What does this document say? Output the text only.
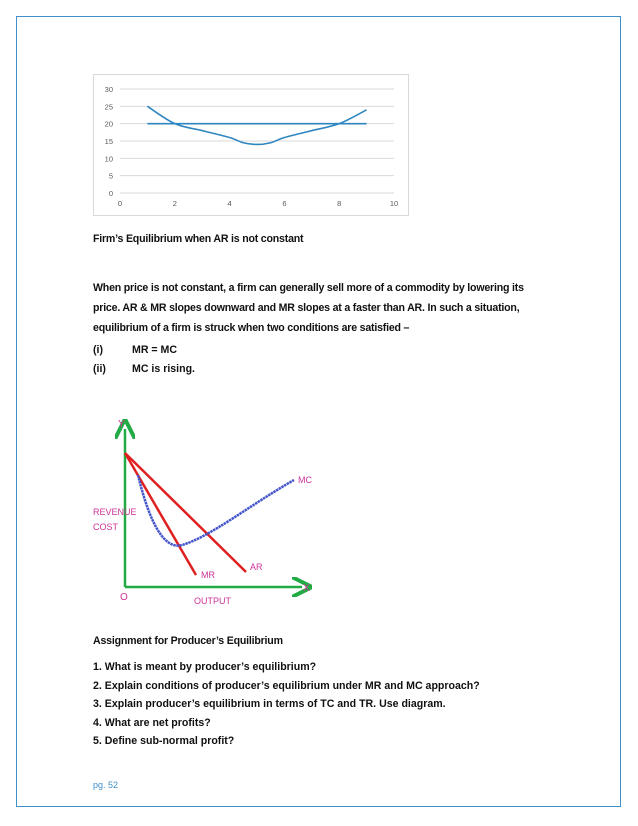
0
5
10
15
20
25
30
0	2	4	6	8	10
Firm’s Equilibrium when AR is not constant
When price is not constant, a firm can generally sell more of a commodity by lowering its
price. AR & MR slopes downward and MR slopes at a faster than AR. In such a situation,
equilibrium of a firm is struck when two conditions are satisfied –
(i)	MR = MC
(ii) MC is rising.
Y
X
O
REVENUE
COST
OUTPUT
MC
MR
AR
Assignment for Producer’s Equilibrium
1. What is meant by producer’s equilibrium?
2. Explain conditions of producer’s equilibrium under MR and MC approach?
3. Explain producer’s equilibrium in terms of TC and TR. Use diagram.
4. What are net profits?
5. Define sub-normal profit?
pg. 52
